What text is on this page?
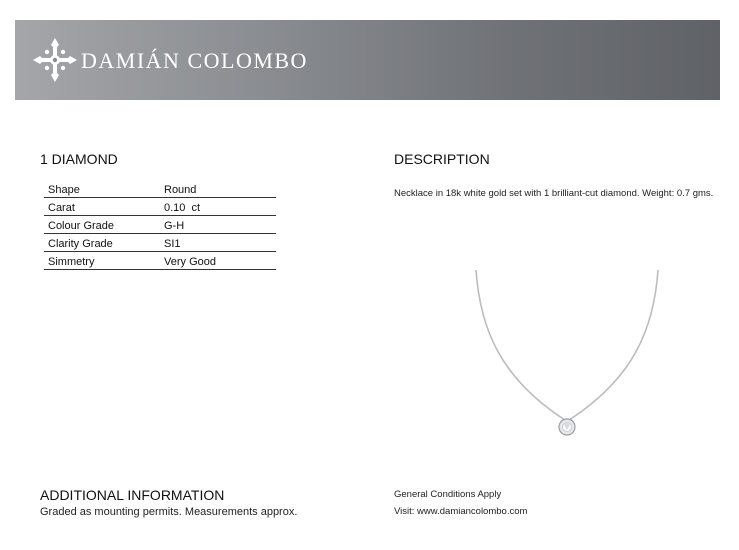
DAMIÁN COLOMBO
1 DIAMOND
Shape	Round
Carat	0.10  ct
Colour Grade	G-H
Clarity Grade	SI1
Simmetry	Very Good
DESCRIPTION
Necklace in 18k white gold set with 1 brilliant-cut diamond. Weight: 0.7 gms.
ADDITIONAL INFORMATION
Graded as mounting permits. Measurements approx.
General Conditions Apply
Visit: www.damiancolombo.com
